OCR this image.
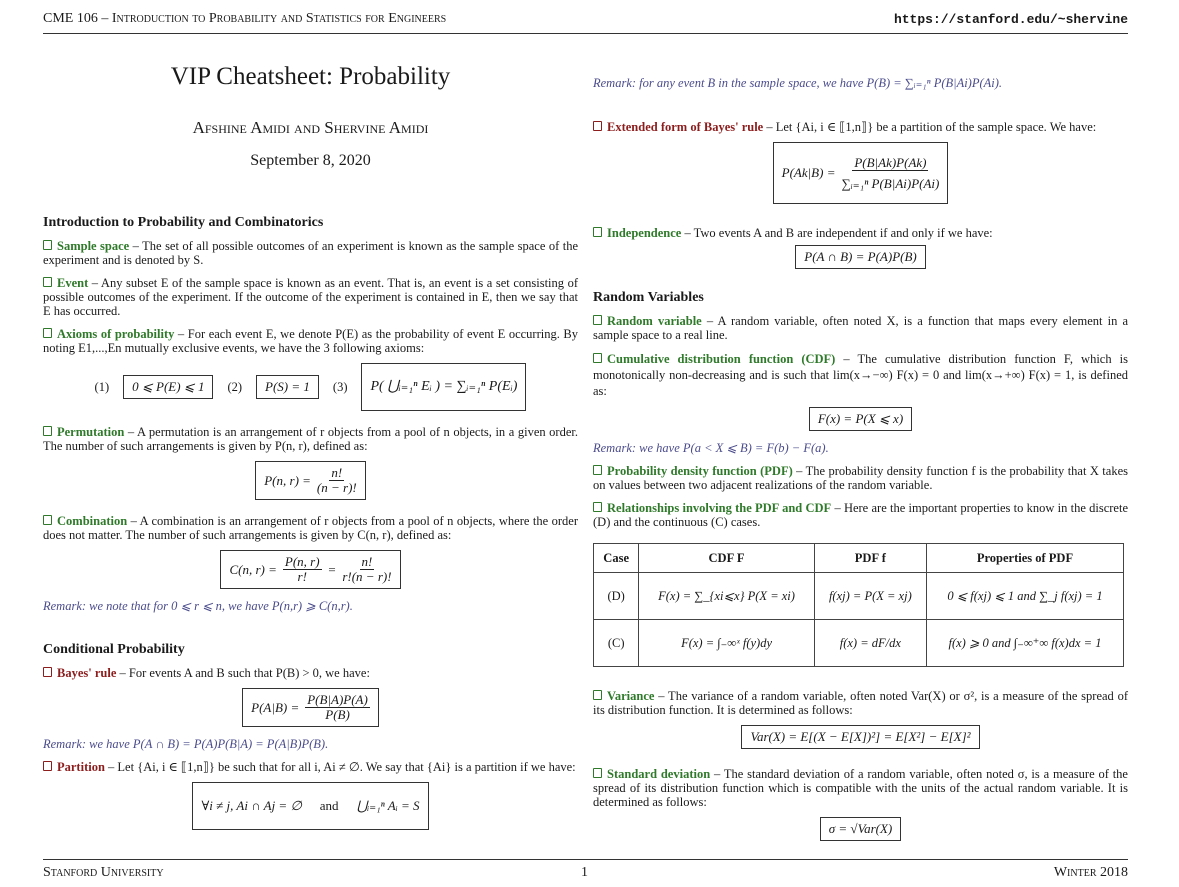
CME 106 – Introduction to Probability and Statistics for Engineers	https://stanford.edu/~shervine
VIP Cheatsheet: Probability
Afshine Amidi and Shervine Amidi
September 8, 2020
Introduction to Probability and Combinatorics

Sample space – The set of all possible outcomes of an experiment is known as the sample space of the experiment and is denoted by S.

Event – Any subset E of the sample space is known as an event. That is, an event is a set consisting of possible outcomes of the experiment. If the outcome of the experiment is contained in E, then we say that E has occurred.

Axioms of probability – For each event E, we denote P(E) as the probability of event E occurring. By noting E1,...,En mutually exclusive events, we have the 3 following axioms:

(1)	0 ⩽ P(E) ⩽ 1	(2)	P(S) = 1	(3)	P( ⋃ᵢ₌₁ⁿ Eᵢ ) = ∑ᵢ₌₁ⁿ P(Eᵢ)

Permutation – A permutation is an arrangement of r objects from a pool of n objects, in a given order. The number of such arrangements is given by P(n, r), defined as:

P(n, $r) = \frac{n!}{(n - r)!}$

Combination – A combination is an arrangement of r objects from a pool of n objects, where the order does not matter. The number of such arrangements is given by C(n, r), defined as:

C(n, $r) = \frac{P(n, r)}{r!} = \frac{n!}{r!(n - r)!}$
Remark: we note that for 0 ⩽ r ⩽ n, we have P(n,r) ⩾ C(n,r).
Conditional Probability

Bayes' rule – For events A and B such that P(B) > 0, we have:

$P(A|B) = \frac{P(B|A)P(A)}{P(B)}$
Remark: we have P(A ∩ B) = P(A)P(B|A) = P(A|B)P(B).

Partition – Let {Ai, i ∈ ⟦1,n⟧} be such that for all i, Ai ≠ ∅. We say that {Ai} is a partition if we have:

∀i ≠ j, Ai ∩ Aj = ∅ and ⋃ᵢ₌₁ⁿ Aᵢ = S
Remark: for any event B in the sample space, we have P(B) = ∑ᵢ₌₁ⁿ P(B|Ai)P(Ai).

Extended form of Bayes' rule – Let {Ai, i ∈ ⟦1,n⟧} be a partition of the sample space. We have:

$P(Ak|B) = \frac{P(B|Ak)P(Ak)}{\text{∑ᵢ₌₁ⁿ P(B|Ai)P(Ai)}}$

Independence – Two events A and B are independent if and only if we have:

P(A ∩ B) = P(A)P(B)
Random Variables

Random variable – A random variable, often noted X, is a function that maps every element in a sample space to a real line.

Cumulative distribution function (CDF) – The cumulative distribution function F, which is monotonically non-decreasing and is such that lim(x→−∞) F(x) = 0 and lim(x→+∞) F(x) = 1, is defined as:

F(x) = P(X ⩽ x)
Remark: we have P(a < X ⩽ B) = F(b) − F(a).

Probability density function (PDF) – The probability density function f is the probability that X takes on values between two adjacent realizations of the random variable.

Relationships involving the PDF and CDF – Here are the important properties to know in the discrete (D) and the continuous (C) cases.

Case	CDF F	PDF f	Properties of PDF
(D)	F(x) = ∑_{xi⩽x} P(X = xi)	f(xj) = P(X = xj)	0 ⩽ f(xj) ⩽ 1 and ∑_j f(xj) = 1
(C)	F(x) = ∫₋∞ˣ f(y)dy	f(x) = dF/dx	f(x) ⩾ 0 and ∫₋∞⁺∞ f(x)dx = 1

Variance – The variance of a random variable, often noted Var(X) or σ², is a measure of the spread of its distribution function. It is determined as follows:

Var(X) = E[(X − E[X])²] = E[X²] − E[X]²

Standard deviation – The standard deviation of a random variable, often noted σ, is a measure of the spread of its distribution function which is compatible with the units of the actual random variable. It is determined as follows:

σ = √Var(X)
Stanford University	1	Winter 2018
